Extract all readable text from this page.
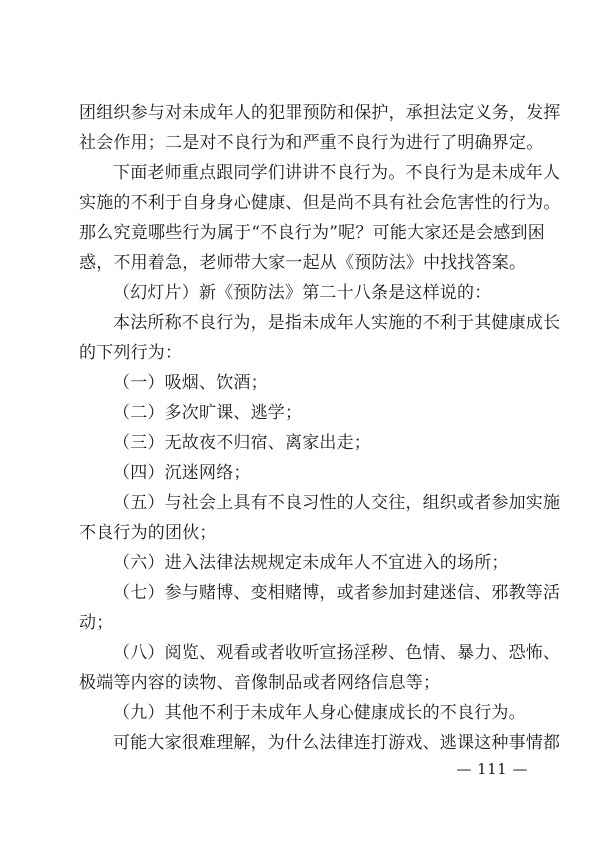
团组织参与对未成年人的犯罪预防和保护，承担法定义务，发挥
社会作用；二是对不良行为和严重不良行为进行了明确界定。
下面老师重点跟同学们讲讲不良行为。不良行为是未成年人
实施的不利于自身身心健康、但是尚不具有社会危害性的行为。
那么究竟哪些行为属于“不良行为”呢？可能大家还是会感到困
惑，不用着急，老师带大家一起从《预防法》中找找答案。
（幻灯片）新《预防法》第二十八条是这样说的：
本法所称不良行为，是指未成年人实施的不利于其健康成长
的下列行为：
（一）吸烟、饮酒；
（二）多次旷课、逃学；
（三）无故夜不归宿、离家出走；
（四）沉迷网络；
（五）与社会上具有不良习性的人交往，组织或者参加实施
不良行为的团伙；
（六）进入法律法规规定未成年人不宜进入的场所；
（七）参与赌博、变相赌博，或者参加封建迷信、邪教等活
动；
（八）阅览、观看或者收听宣扬淫秽、色情、暴力、恐怖、
极端等内容的读物、音像制品或者网络信息等；
（九）其他不利于未成年人身心健康成长的不良行为。
可能大家很难理解，为什么法律连打游戏、逃课这种事情都
— 111 —
